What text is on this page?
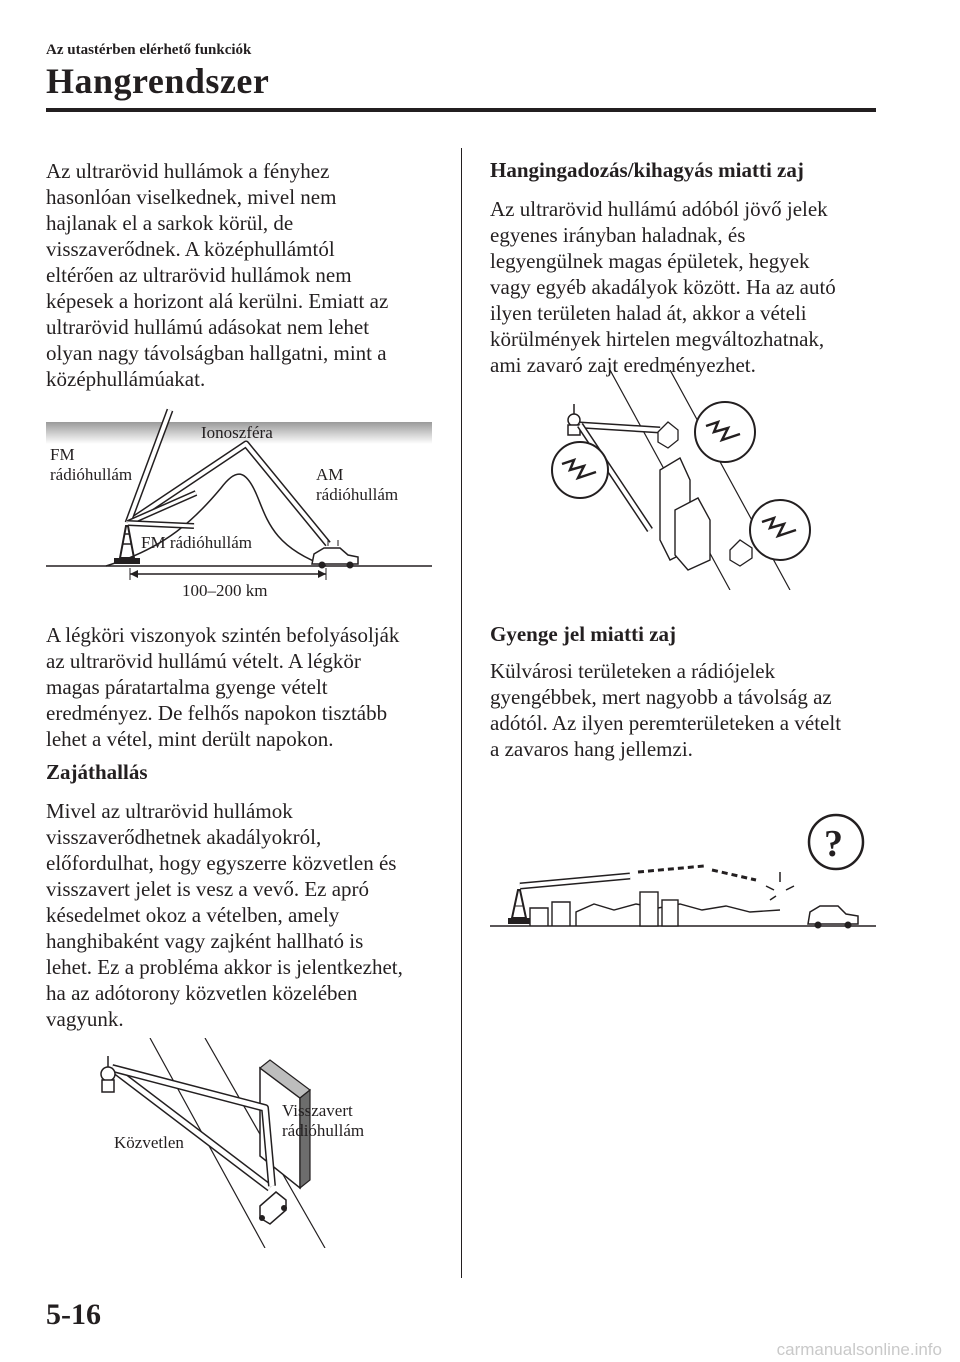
Az utastérben elérhető funkciók
Hangrendszer
Az ultrarövid hullámok a fényhez
hasonlóan viselkednek, mivel nem
hajlanak el a sarkok körül, de
visszaverődnek. A középhullámtól
eltérően az ultrarövid hullámok nem
képesek a horizont alá kerülni. Emiatt az
ultrarövid hullámú adásokat nem lehet
olyan nagy távolságban hallgatni, mint a
középhullámúakat.
Ionoszféra
FM
rádióhullám	AM
rádióhullám
FM rádióhullám
100–200 km
A légköri viszonyok szintén befolyásolják
az ultrarövid hullámú vételt. A légkör
magas páratartalma gyenge vételt
eredményez. De felhős napokon tisztább
lehet a vétel, mint derült napokon.
Zajáthallás
Mivel az ultrarövid hullámok
visszaverődhetnek akadályokról,
előfordulhat, hogy egyszerre közvetlen és
visszavert jelet is vesz a vevő. Ez apró
késedelmet okoz a vételben, amely
hanghibaként vagy zajként hallható is
lehet. Ez a probléma akkor is jelentkezhet,
ha az adótorony közvetlen közelében
vagyunk.
Közvetlen
Visszavert
rádióhullám
Hangingadozás/kihagyás miatti zaj
Az ultrarövid hullámú adóból jövő jelek
egyenes irányban haladnak, és
legyengülnek magas épületek, hegyek
vagy egyéb akadályok között. Ha az autó
ilyen területen halad át, akkor a vételi
körülmények hirtelen megváltozhatnak,
ami zavaró zajt eredményezhet.
Gyenge jel miatti zaj
Külvárosi területeken a rádiójelek
gyengébbek, mert nagyobb a távolság az
adótól. Az ilyen peremterületeken a vételt
a zavaros hang jellemzi.
?
5-16
carmanualsonline.info
